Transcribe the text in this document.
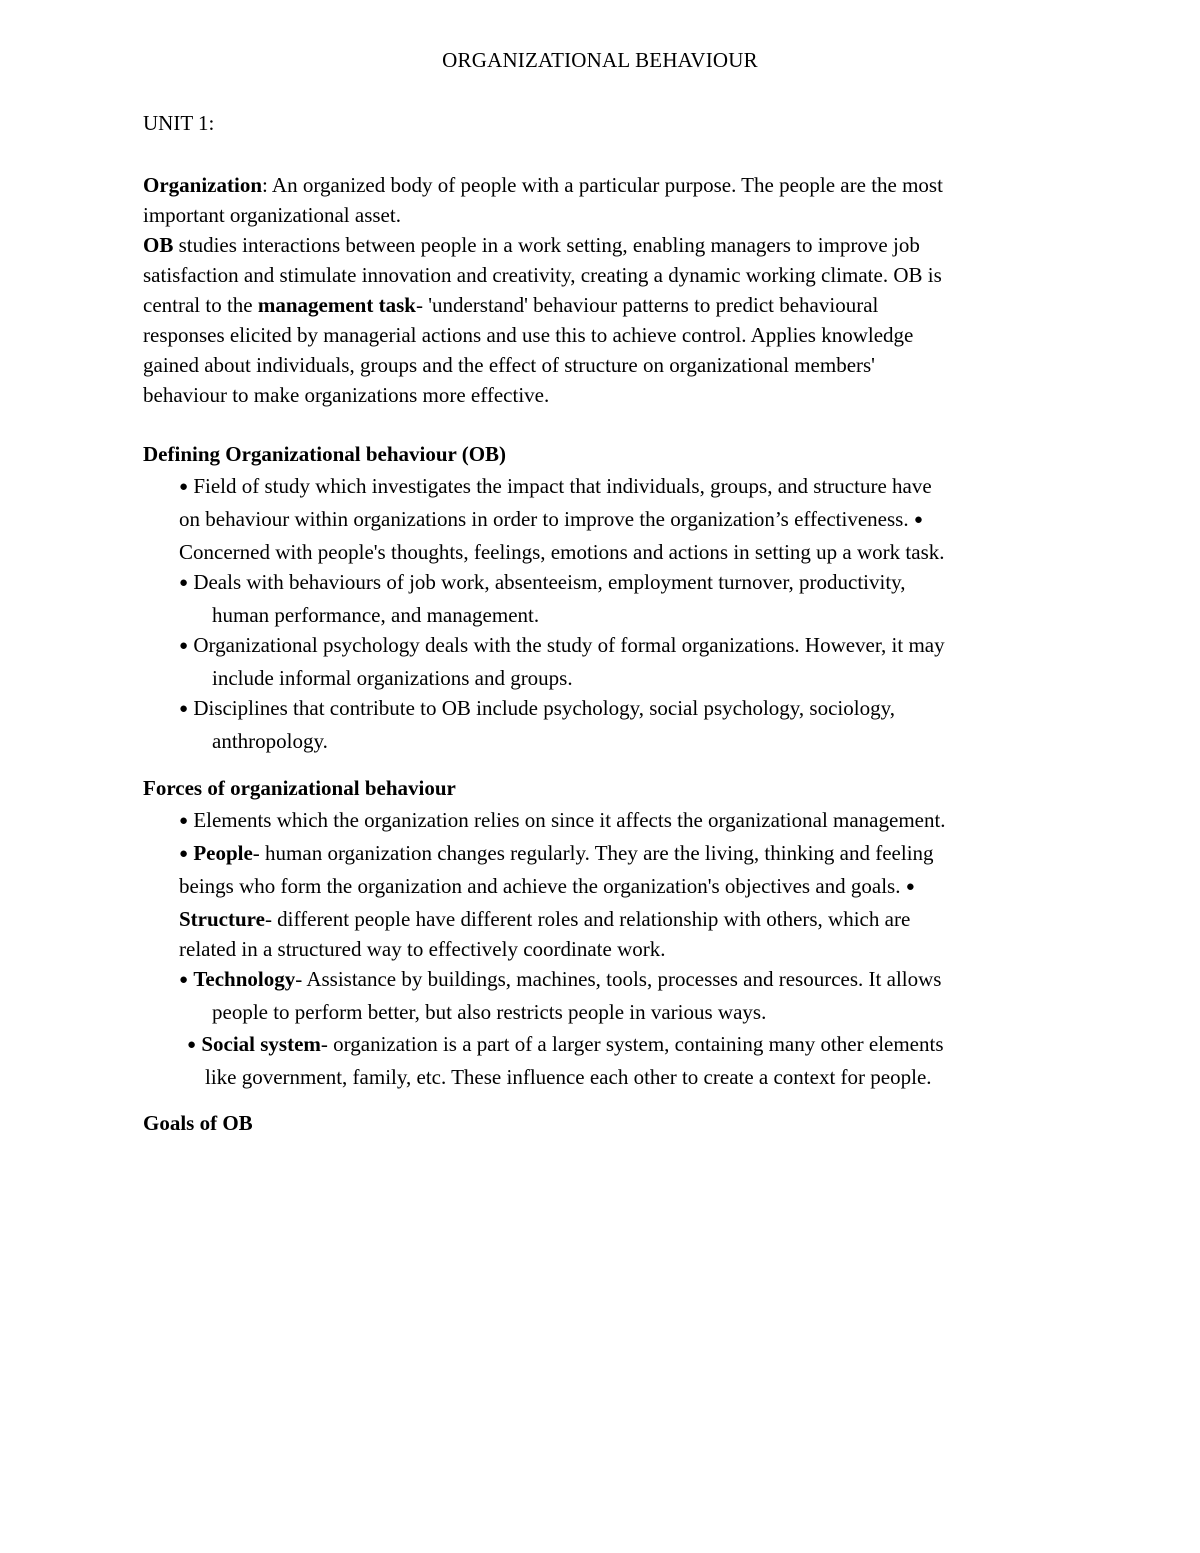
ORGANIZATIONAL BEHAVIOUR
UNIT 1:

Organization: An organized body of people with a particular purpose. The people are the most

important organizational asset.

OB studies interactions between people in a work setting, enabling managers to improve job

satisfaction and stimulate innovation and creativity, creating a dynamic working climate. OB is

central to the management task- 'understand' behaviour patterns to predict behavioural

responses elicited by managerial actions and use this to achieve control. Applies knowledge

gained about individuals, groups and the effect of structure on organizational members'

behaviour to make organizations more effective.

Defining Organizational behaviour (OB)

● Field of study which investigates the impact that individuals, groups, and structure have

on behaviour within organizations in order to improve the organization’s effectiveness. ●

Concerned with people's thoughts, feelings, emotions and actions in setting up a work task.

● Deals with behaviours of job work, absenteeism, employment turnover, productivity,

human performance, and management.

● Organizational psychology deals with the study of formal organizations. However, it may

include informal organizations and groups.

● Disciplines that contribute to OB include psychology, social psychology, sociology,

anthropology.

Forces of organizational behaviour

● Elements which the organization relies on since it affects the organizational management.

● People- human organization changes regularly. They are the living, thinking and feeling

beings who form the organization and achieve the organization's objectives and goals. ●

Structure- different people have different roles and relationship with others, which are

related in a structured way to effectively coordinate work.

● Technology- Assistance by buildings, machines, tools, processes and resources. It allows

people to perform better, but also restricts people in various ways.

● Social system- organization is a part of a larger system, containing many other elements

like government, family, etc. These influence each other to create a context for people.

Goals of OB
